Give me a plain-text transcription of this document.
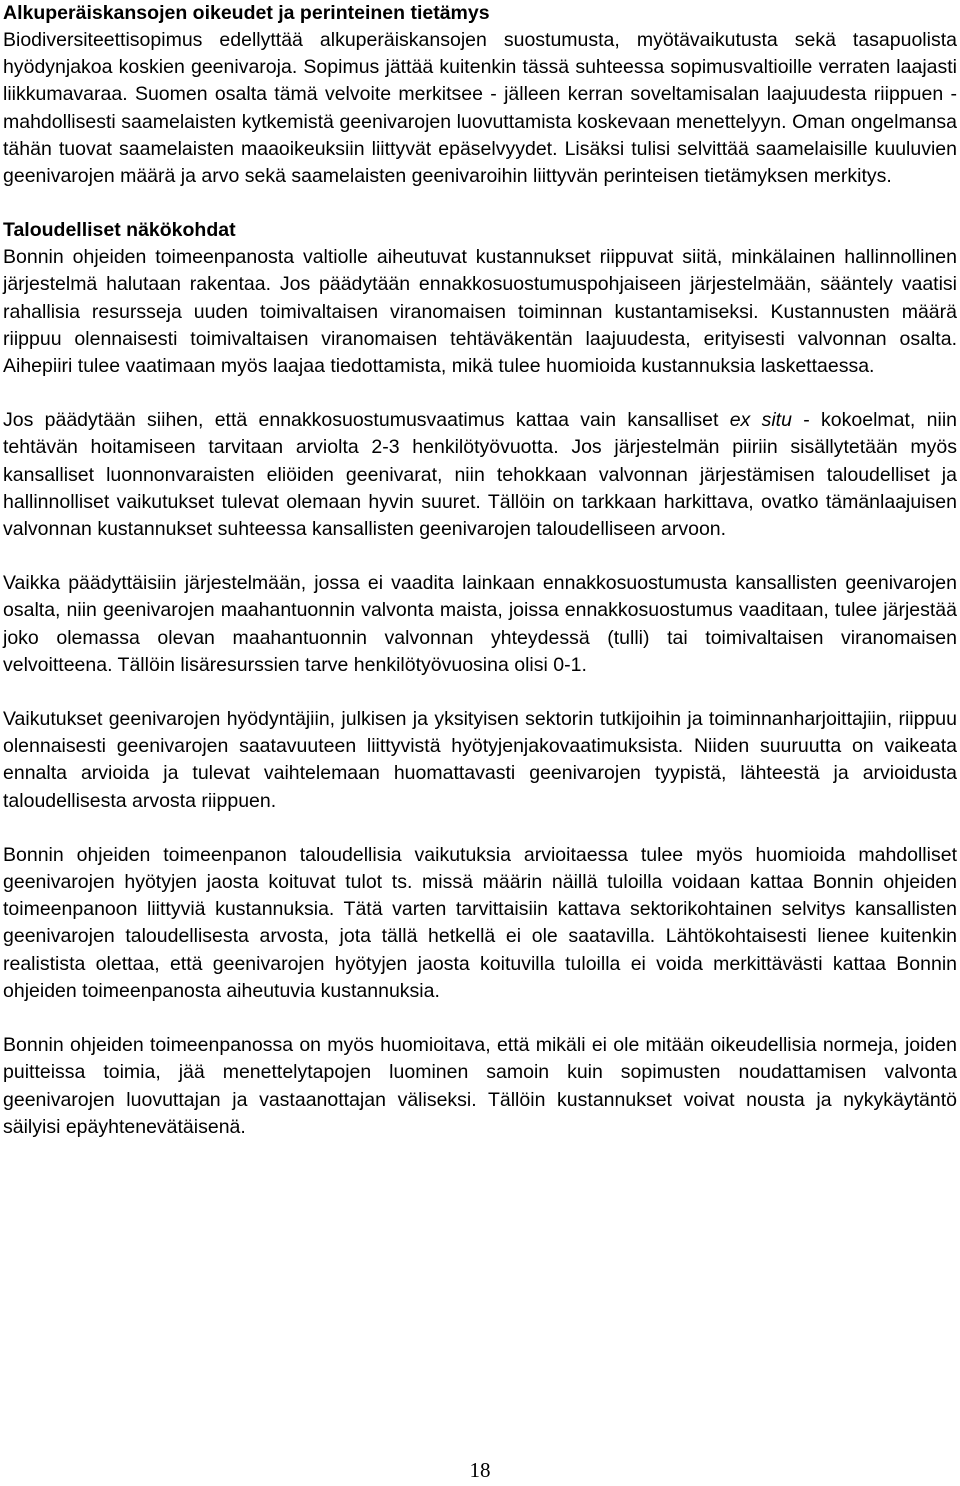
Alkuperäiskansojen oikeudet ja perinteinen tietämys

Biodiversiteettisopimus edellyttää alkuperäiskansojen suostumusta, myötävaikutusta sekä tasapuolista hyödynjakoa koskien geenivaroja. Sopimus jättää kuitenkin tässä suhteessa sopimusvaltioille verraten laajasti liikkumavaraa. Suomen osalta tämä velvoite merkitsee - jälleen kerran soveltamisalan laajuudesta riippuen - mahdollisesti saamelaisten kytkemistä geenivarojen luovuttamista koskevaan menettelyyn. Oman ongelmansa tähän tuovat saamelaisten maaoikeuksiin liittyvät epäselvyydet. Lisäksi tulisi selvittää saamelaisille kuuluvien geenivarojen määrä ja arvo sekä saamelaisten geenivaroihin liittyvän perinteisen tietämyksen merkitys.

Taloudelliset näkökohdat

Bonnin ohjeiden toimeenpanosta valtiolle aiheutuvat kustannukset riippuvat siitä, minkälainen hallinnollinen järjestelmä halutaan rakentaa. Jos päädytään ennakkosuostumuspohjaiseen järjestelmään, sääntely vaatisi rahallisia resursseja uuden toimivaltaisen viranomaisen toiminnan kustantamiseksi. Kustannusten määrä riippuu olennaisesti toimivaltaisen viranomaisen tehtäväkentän laajuudesta, erityisesti valvonnan osalta. Aihepiiri tulee vaatimaan myös laajaa tiedottamista, mikä tulee huomioida kustannuksia laskettaessa.

Jos päädytään siihen, että ennakkosuostumusvaatimus kattaa vain kansalliset ex situ - kokoelmat, niin tehtävän hoitamiseen tarvitaan arviolta 2-3 henkilötyövuotta. Jos järjestelmän piiriin sisällytetään myös kansalliset luonnonvaraisten eliöiden geenivarat, niin tehokkaan valvonnan järjestämisen taloudelliset ja hallinnolliset vaikutukset tulevat olemaan hyvin suuret. Tällöin on tarkkaan harkittava, ovatko tämänlaajuisen valvonnan kustannukset suhteessa kansallisten geenivarojen taloudelliseen arvoon.

Vaikka päädyttäisiin järjestelmään, jossa ei vaadita lainkaan ennakkosuostumusta kansallisten geenivarojen osalta, niin geenivarojen maahantuonnin valvonta maista, joissa ennakkosuostumus vaaditaan, tulee järjestää joko olemassa olevan maahantuonnin valvonnan yhteydessä (tulli) tai toimivaltaisen viranomaisen velvoitteena. Tällöin lisäresurssien tarve henkilötyövuosina olisi 0-1.

Vaikutukset geenivarojen hyödyntäjiin, julkisen ja yksityisen sektorin tutkijoihin ja toiminnanharjoittajiin, riippuu olennaisesti geenivarojen saatavuuteen liittyvistä hyötyjenjakovaatimuksista. Niiden suuruutta on vaikeata ennalta arvioida ja tulevat vaihtelemaan huomattavasti geenivarojen tyypistä, lähteestä ja arvioidusta taloudellisesta arvosta riippuen.

Bonnin ohjeiden toimeenpanon taloudellisia vaikutuksia arvioitaessa tulee myös huomioida mahdolliset geenivarojen hyötyjen jaosta koituvat tulot ts. missä määrin näillä tuloilla voidaan kattaa Bonnin ohjeiden toimeenpanoon liittyviä kustannuksia. Tätä varten tarvittaisiin kattava sektorikohtainen selvitys kansallisten geenivarojen taloudellisesta arvosta, jota tällä hetkellä ei ole saatavilla. Lähtökohtaisesti lienee kuitenkin realistista olettaa, että geenivarojen hyötyjen jaosta koituvilla tuloilla ei voida merkittävästi kattaa Bonnin ohjeiden toimeenpanosta aiheutuvia kustannuksia.

Bonnin ohjeiden toimeenpanossa on myös huomioitava, että mikäli ei ole mitään oikeudellisia normeja, joiden puitteissa toimia, jää menettelytapojen luominen samoin kuin sopimusten noudattamisen valvonta geenivarojen luovuttajan ja vastaanottajan väliseksi. Tällöin kustannukset voivat nousta ja nykykäytäntö säilyisi epäyhtenevätäisenä.

18
